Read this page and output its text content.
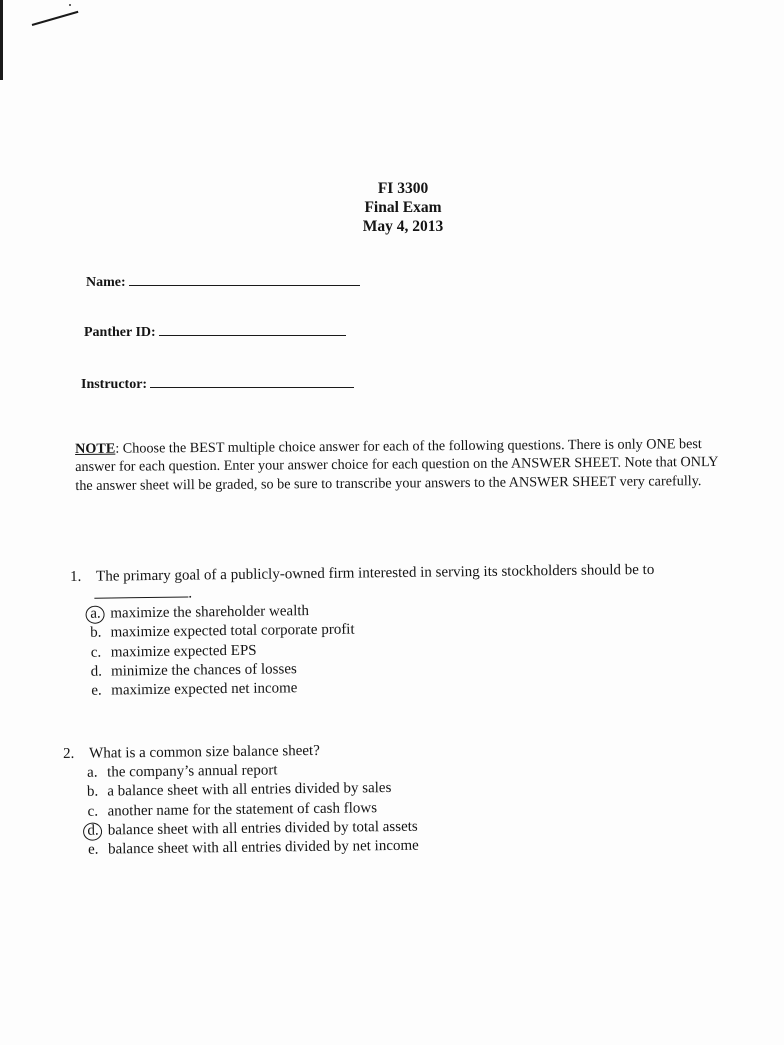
FI 3300
Final Exam
May 4, 2013
Name:
Panther ID:
Instructor:
NOTE: Choose the BEST multiple choice answer for each of the following questions. There is only ONE best answer for each question. Enter your answer choice for each question on the ANSWER SHEET. Note that ONLY the answer sheet will be graded, so be sure to transcribe your answers to the ANSWER SHEET very carefully.
1. The primary goal of a publicly-owned firm interested in serving its stockholders should be to
.
a. maximize the shareholder wealth
b. maximize expected total corporate profit
c. maximize expected EPS
d. minimize the chances of losses
e. maximize expected net income
2. What is a common size balance sheet?
a. the company’s annual report
b. a balance sheet with all entries divided by sales
c. another name for the statement of cash flows
d. balance sheet with all entries divided by total assets
e. balance sheet with all entries divided by net income
